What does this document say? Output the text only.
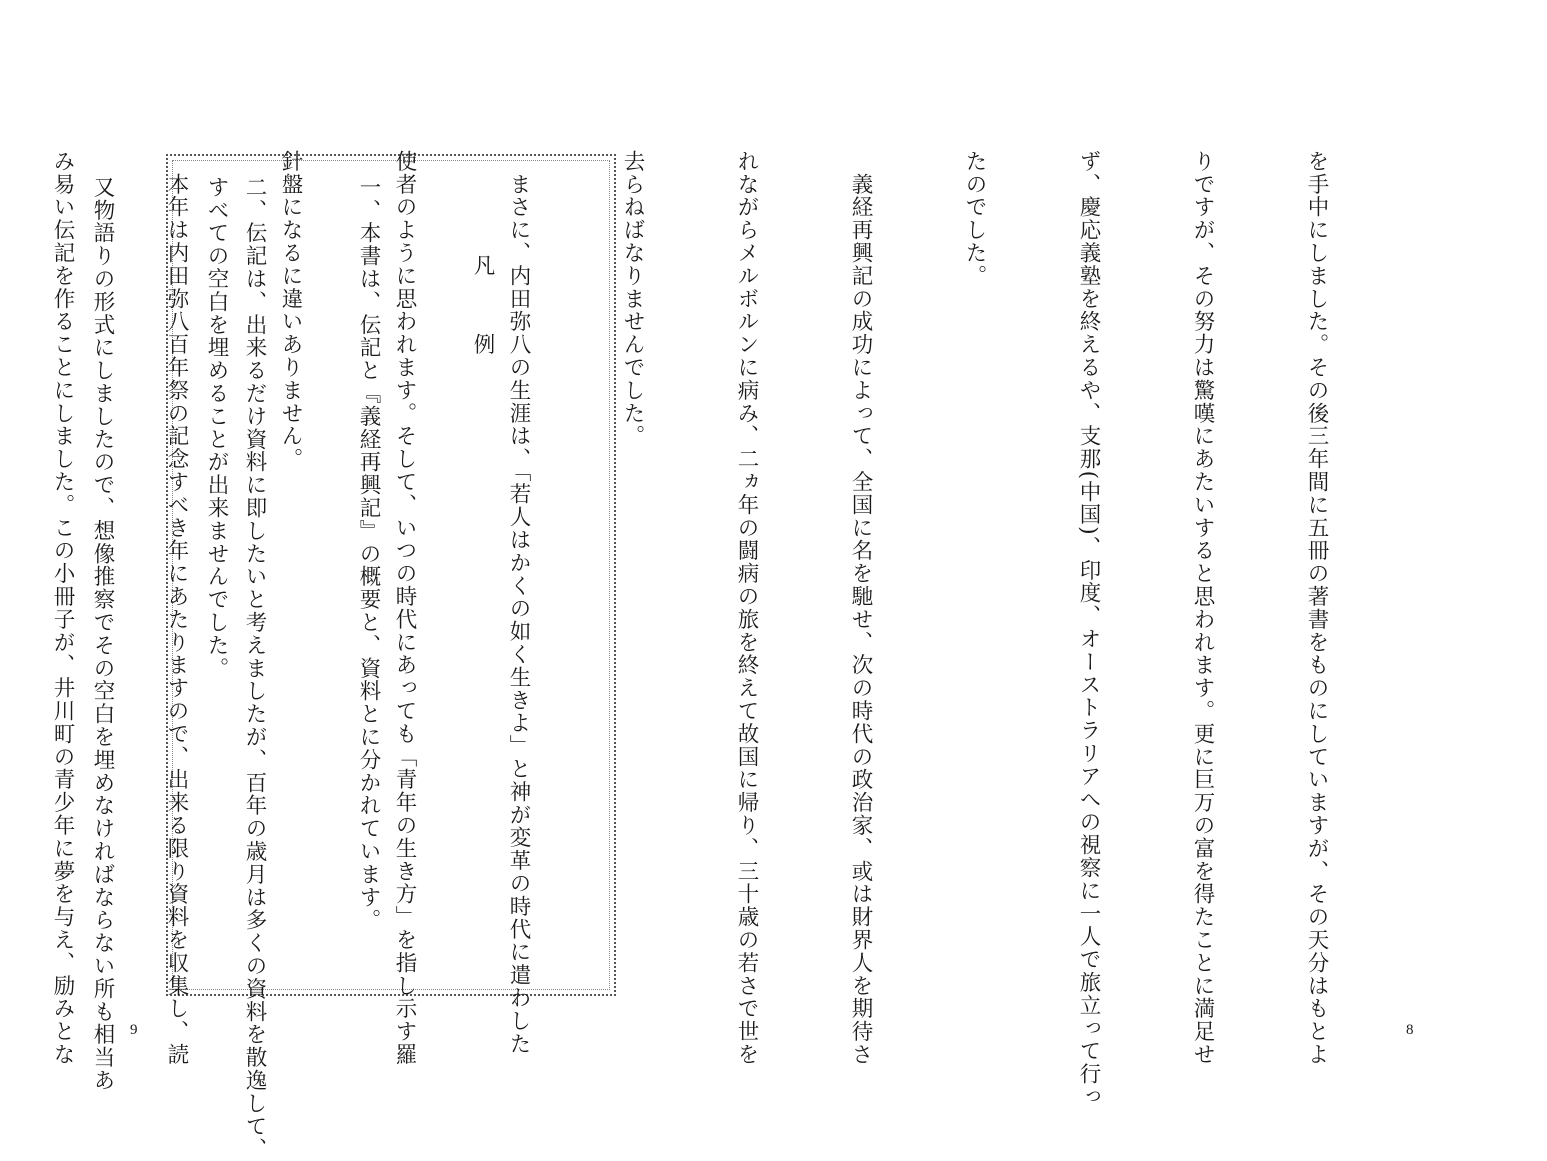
凡　例

一、本書は、伝記と『義経再興記』の概要と、資料とに分かれています。

二、伝記は、出来るだけ資料に即したいと考えましたが、百年の歳月は多くの資料を散逸して、
すべての空白を埋めることが出来ませんでした。

又物語りの形式にしましたので、想像推察でその空白を埋めなければならない所も相当あ

	9

	を手中にしました。その後三年間に五冊の著書をものにしていますが、その天分はもとよ

りですが、その努力は驚嘆にあたいすると思われます。更に巨万の富を得たことに満足せ

ず、慶応義塾を終えるや、支那(中国)、印度、オーストラリアへの視察に一人で旅立って行っ

たのでした。

　義経再興記の成功によって、全国に名を馳せ、次の時代の政治家、或は財界人を期待さ

れながらメルボルンに病み、二ヵ年の闘病の旅を終えて故国に帰り、三十歳の若さで世を

去らねばなりませんでした。

　まさに、内田弥八の生涯は、「若人はかくの如く生きよ」と神が変革の時代に遣わした

使者のように思われます。そして、いつの時代にあっても「青年の生き方」を指し示す羅

針盤になるに違いありません。

　本年は内田弥八百年祭の記念すべき年にあたりますので、出来る限り資料を収集し、読

み易い伝記を作ることにしました。この小冊子が、井川町の青少年に夢を与え、励みとな

	8
